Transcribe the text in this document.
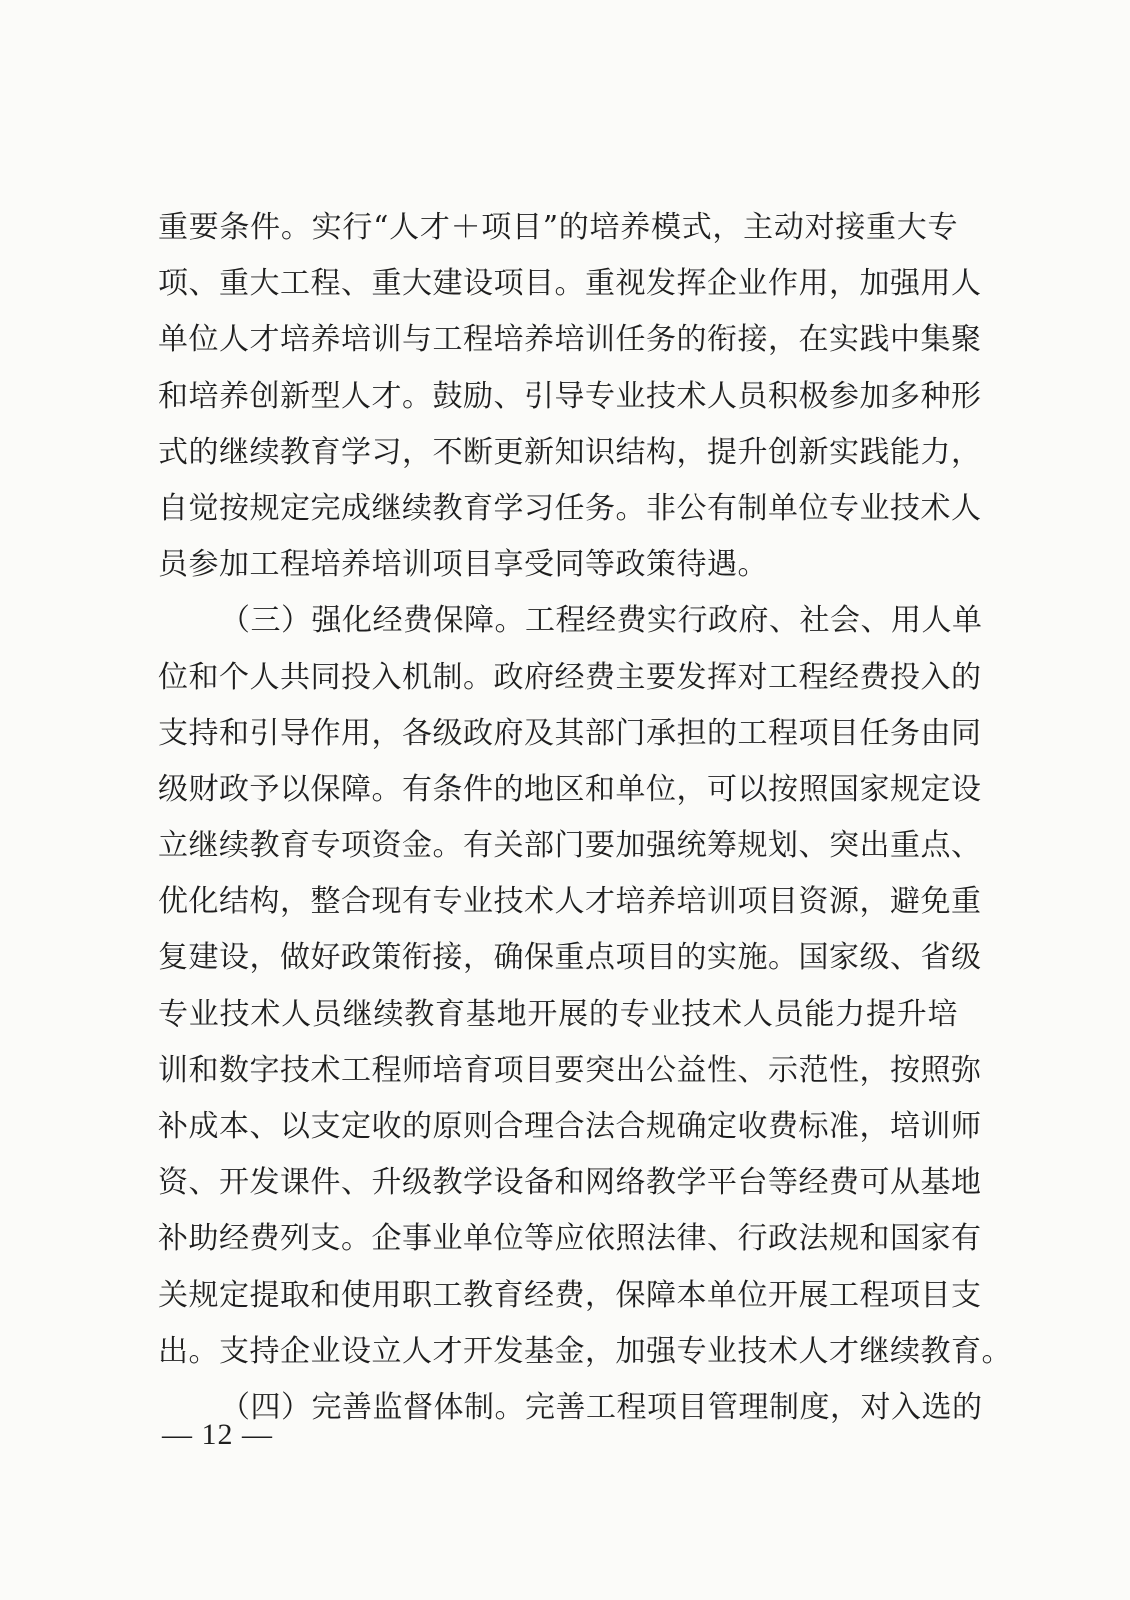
重要条件。实行“人才＋项目”的培养模式，主动对接重大专
项、重大工程、重大建设项目。重视发挥企业作用，加强用人
单位人才培养培训与工程培养培训任务的衔接，在实践中集聚
和培养创新型人才。鼓励、引导专业技术人员积极参加多种形
式的继续教育学习，不断更新知识结构，提升创新实践能力，
自觉按规定完成继续教育学习任务。非公有制单位专业技术人
员参加工程培养培训项目享受同等政策待遇。
（三）强化经费保障。工程经费实行政府、社会、用人单
位和个人共同投入机制。政府经费主要发挥对工程经费投入的
支持和引导作用，各级政府及其部门承担的工程项目任务由同
级财政予以保障。有条件的地区和单位，可以按照国家规定设
立继续教育专项资金。有关部门要加强统筹规划、突出重点、
优化结构，整合现有专业技术人才培养培训项目资源，避免重
复建设，做好政策衔接，确保重点项目的实施。国家级、省级
专业技术人员继续教育基地开展的专业技术人员能力提升培
训和数字技术工程师培育项目要突出公益性、示范性，按照弥
补成本、以支定收的原则合理合法合规确定收费标准，培训师
资、开发课件、升级教学设备和网络教学平台等经费可从基地
补助经费列支。企事业单位等应依照法律、行政法规和国家有
关规定提取和使用职工教育经费，保障本单位开展工程项目支
出。支持企业设立人才开发基金，加强专业技术人才继续教育。
（四）完善监督体制。完善工程项目管理制度，对入选的
— 12 —
